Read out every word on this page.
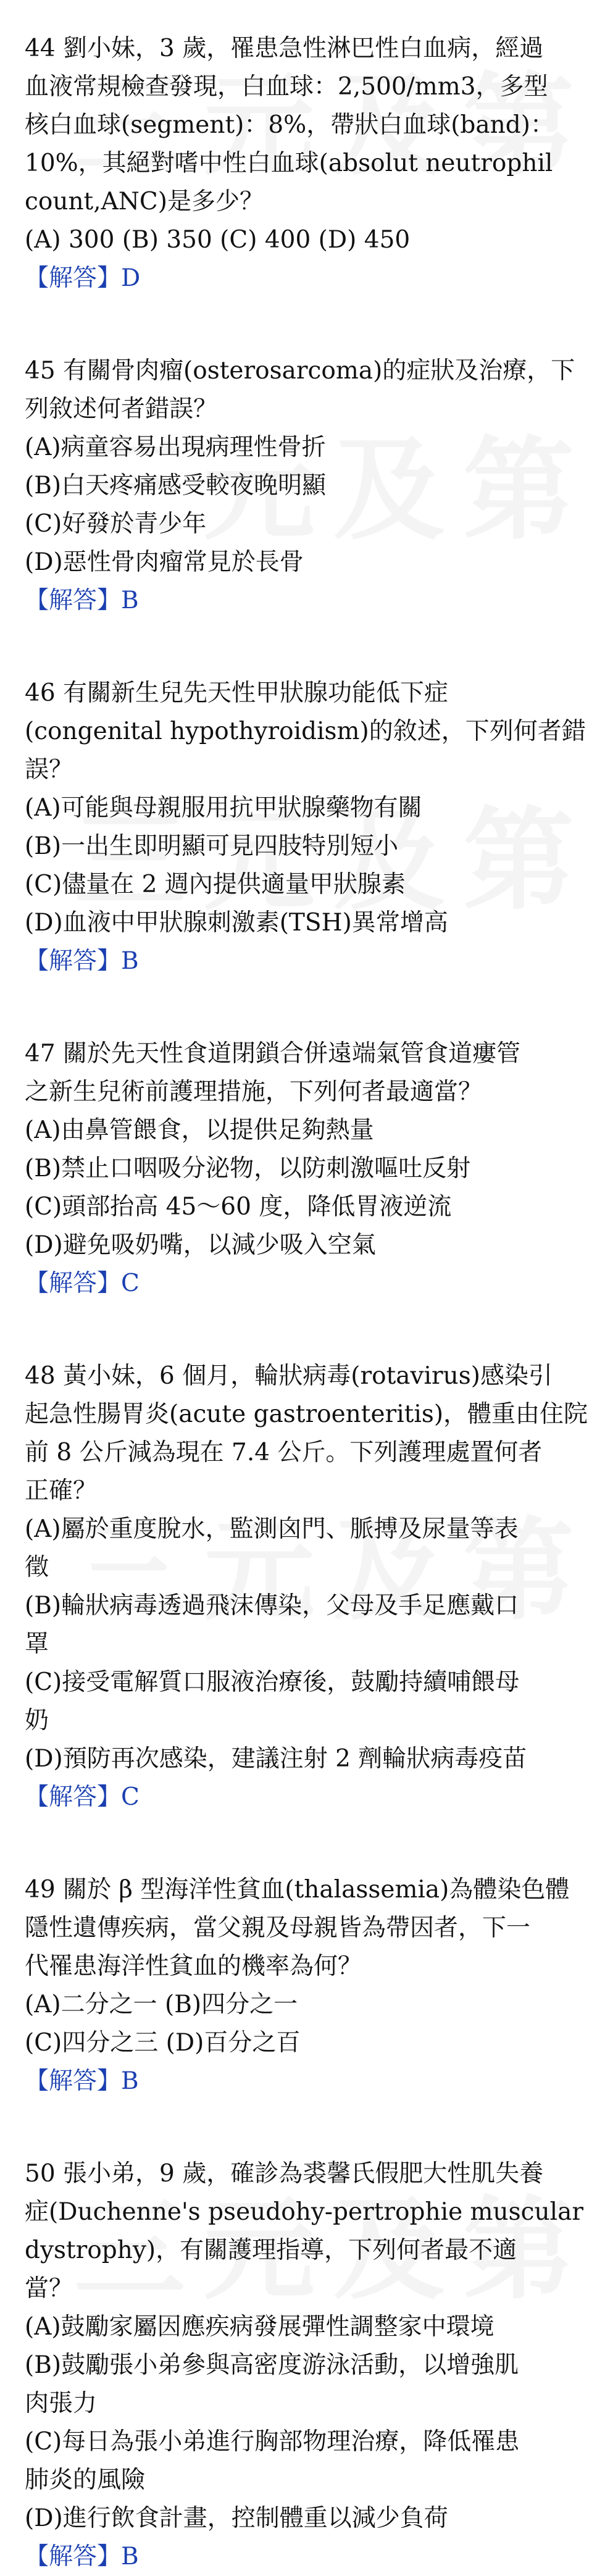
44 劉小妹，3 歲，罹患急性淋巴性白血病，經過
血液常規檢查發現，白血球：2,500/mm3，多型
核白血球(segment)：8%，帶狀白血球(band)：
10%，其絕對嗜中性白血球(absolut neutrophil
count,ANC)是多少？
(A) 300 (B) 350 (C) 400 (D) 450
【解答】D
45 有關骨肉瘤(osterosarcoma)的症狀及治療，下
列敘述何者錯誤？
(A)病童容易出現病理性骨折
(B)白天疼痛感受較夜晚明顯
(C)好發於青少年
(D)惡性骨肉瘤常見於長骨
【解答】B
46 有關新生兒先天性甲狀腺功能低下症
(congenital hypothyroidism)的敘述，下列何者錯
誤？
(A)可能與母親服用抗甲狀腺藥物有關
(B)一出生即明顯可見四肢特別短小
(C)儘量在 2 週內提供適量甲狀腺素
(D)血液中甲狀腺刺激素(TSH)異常增高
【解答】B
47 關於先天性食道閉鎖合併遠端氣管食道瘻管
之新生兒術前護理措施，下列何者最適當？
(A)由鼻管餵食，以提供足夠熱量
(B)禁止口咽吸分泌物，以防刺激嘔吐反射
(C)頭部抬高 45～60 度，降低胃液逆流
(D)避免吸奶嘴，以減少吸入空氣
【解答】C
48 黃小妹，6 個月，輪狀病毒(rotavirus)感染引
起急性腸胃炎(acute gastroenteritis)，體重由住院
前 8 公斤減為現在 7.4 公斤。下列護理處置何者
正確？
(A)屬於重度脫水，監測囟門、脈搏及尿量等表
徵
(B)輪狀病毒透過飛沫傳染，父母及手足應戴口
罩
(C)接受電解質口服液治療後，鼓勵持續哺餵母
奶
(D)預防再次感染，建議注射 2 劑輪狀病毒疫苗
【解答】C
49 關於 β 型海洋性貧血(thalassemia)為體染色體
隱性遺傳疾病，當父親及母親皆為帶因者，下一
代罹患海洋性貧血的機率為何？
(A)二分之一 (B)四分之一
(C)四分之三 (D)百分之百
【解答】B
50 張小弟，9 歲，確診為裘馨氏假肥大性肌失養
症(Duchenne's pseudohy-pertrophie muscular
dystrophy)，有關護理指導，下列何者最不適
當？
(A)鼓勵家屬因應疾病發展彈性調整家中環境
(B)鼓勵張小弟參與高密度游泳活動，以增強肌
肉張力
(C)每日為張小弟進行胸部物理治療，降低罹患
肺炎的風險
(D)進行飲食計畫，控制體重以減少負荷
【解答】B
